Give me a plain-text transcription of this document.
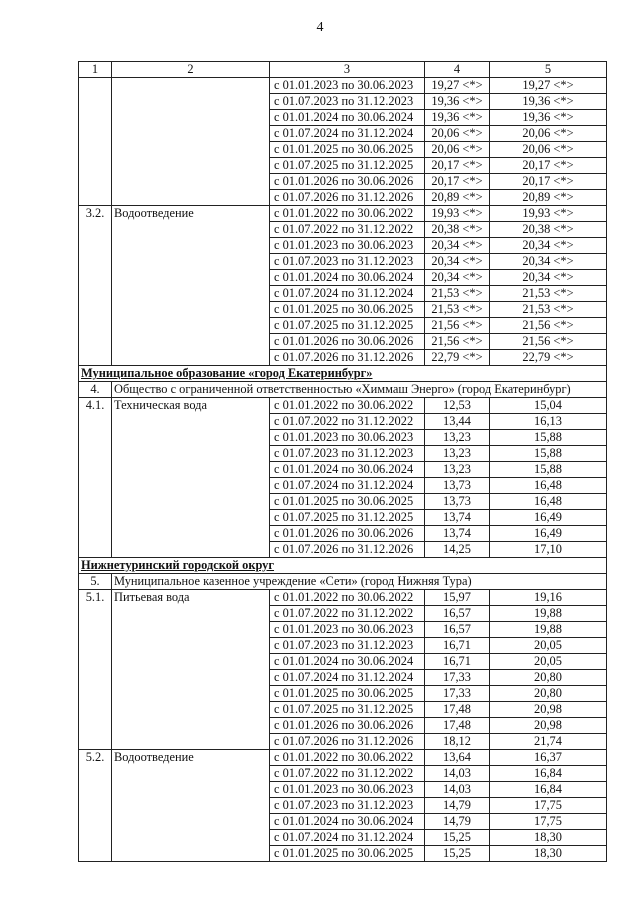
4
1	2	3	4	5
		с 01.01.2023 по 30.06.2023	19,27 <*>	19,27 <*>
		с 01.07.2023 по 31.12.2023	19,36 <*>	19,36 <*>
		с 01.01.2024 по 30.06.2024	19,36 <*>	19,36 <*>
		с 01.07.2024 по 31.12.2024	20,06 <*>	20,06 <*>
		с 01.01.2025 по 30.06.2025	20,06 <*>	20,06 <*>
		с 01.07.2025 по 31.12.2025	20,17 <*>	20,17 <*>
		с 01.01.2026 по 30.06.2026	20,17 <*>	20,17 <*>
		с 01.07.2026 по 31.12.2026	20,89 <*>	20,89 <*>
3.2.	Водоотведение	с 01.01.2022 по 30.06.2022	19,93 <*>	19,93 <*>
		с 01.07.2022 по 31.12.2022	20,38 <*>	20,38 <*>
		с 01.01.2023 по 30.06.2023	20,34 <*>	20,34 <*>
		с 01.07.2023 по 31.12.2023	20,34 <*>	20,34 <*>
		с 01.01.2024 по 30.06.2024	20,34 <*>	20,34 <*>
		с 01.07.2024 по 31.12.2024	21,53 <*>	21,53 <*>
		с 01.01.2025 по 30.06.2025	21,53 <*>	21,53 <*>
		с 01.07.2025 по 31.12.2025	21,56 <*>	21,56 <*>
		с 01.01.2026 по 30.06.2026	21,56 <*>	21,56 <*>
		с 01.07.2026 по 31.12.2026	22,79 <*>	22,79 <*>
Муниципальное образование «город Екатеринбург»				
4.	Общество с ограниченной ответственностью «Химмаш Энерго» (город Екатеринбург)			
4.1.	Техническая вода	с 01.01.2022 по 30.06.2022	12,53	15,04
		с 01.07.2022 по 31.12.2022	13,44	16,13
		с 01.01.2023 по 30.06.2023	13,23	15,88
		с 01.07.2023 по 31.12.2023	13,23	15,88
		с 01.01.2024 по 30.06.2024	13,23	15,88
		с 01.07.2024 по 31.12.2024	13,73	16,48
		с 01.01.2025 по 30.06.2025	13,73	16,48
		с 01.07.2025 по 31.12.2025	13,74	16,49
		с 01.01.2026 по 30.06.2026	13,74	16,49
		с 01.07.2026 по 31.12.2026	14,25	17,10
Нижнетуринский городской округ				
5.	Муниципальное казенное учреждение «Сети» (город Нижняя Тура)			
5.1.	Питьевая вода	с 01.01.2022 по 30.06.2022	15,97	19,16
		с 01.07.2022 по 31.12.2022	16,57	19,88
		с 01.01.2023 по 30.06.2023	16,57	19,88
		с 01.07.2023 по 31.12.2023	16,71	20,05
		с 01.01.2024 по 30.06.2024	16,71	20,05
		с 01.07.2024 по 31.12.2024	17,33	20,80
		с 01.01.2025 по 30.06.2025	17,33	20,80
		с 01.07.2025 по 31.12.2025	17,48	20,98
		с 01.01.2026 по 30.06.2026	17,48	20,98
		с 01.07.2026 по 31.12.2026	18,12	21,74
5.2.	Водоотведение	с 01.01.2022 по 30.06.2022	13,64	16,37
		с 01.07.2022 по 31.12.2022	14,03	16,84
		с 01.01.2023 по 30.06.2023	14,03	16,84
		с 01.07.2023 по 31.12.2023	14,79	17,75
		с 01.01.2024 по 30.06.2024	14,79	17,75
		с 01.07.2024 по 31.12.2024	15,25	18,30
		с 01.01.2025 по 30.06.2025	15,25	18,30
